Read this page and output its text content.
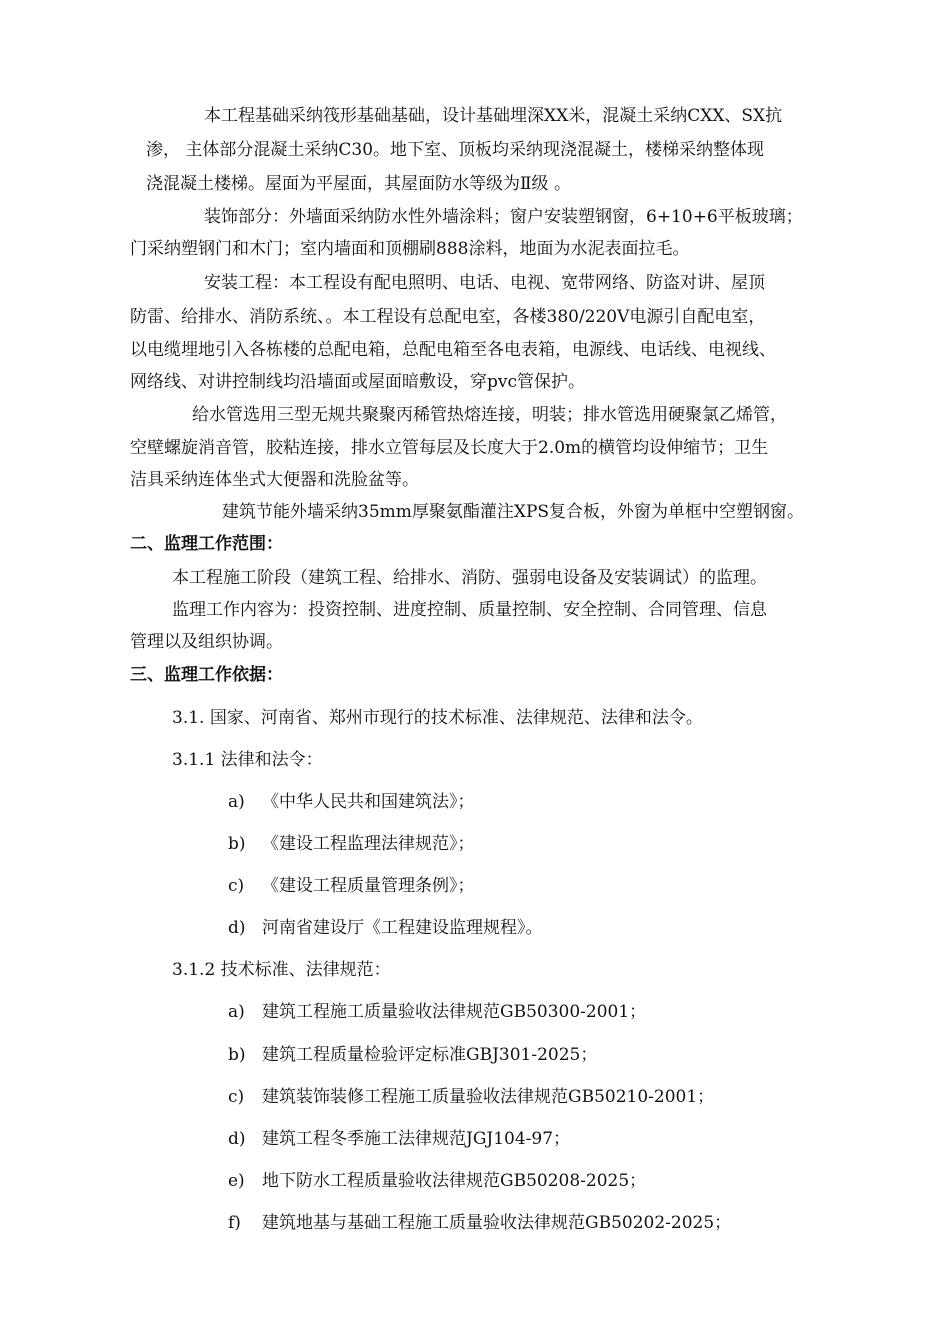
本工程基础采纳筏形基础基础，设计基础埋深XX米，混凝土采纳CXX、SX抗
渗， 主体部分混凝土采纳C30。地下室、顶板均采纳现浇混凝土，楼梯采纳整体现
浇混凝土楼梯。屋面为平屋面，其屋面防水等级为Ⅱ级 。
装饰部分：外墙面采纳防水性外墙涂料；窗户安装塑钢窗，6+10+6平板玻璃；
门采纳塑钢门和木门；室内墙面和顶棚刷888涂料，地面为水泥表面拉毛。
安装工程：本工程设有配电照明、电话、电视、宽带网络、防盗对讲、屋顶
防雷、给排水、消防系统、。本工程设有总配电室，各楼380/220V电源引自配电室，
以电缆埋地引入各栋楼的总配电箱，总配电箱至各电表箱，电源线、电话线、电视线、
网络线、对讲控制线均沿墙面或屋面暗敷设，穿pvc管保护。
给水管选用三型无规共聚聚丙稀管热熔连接，明装；排水管选用硬聚氯乙烯管，
空壁螺旋消音管，胶粘连接，排水立管每层及长度大于2.0m的横管均设伸缩节；卫生
洁具采纳连体坐式大便器和洗脸盆等。
建筑节能外墙采纳35mm厚聚氨酯灌注XPS复合板，外窗为单框中空塑钢窗。
二、监理工作范围：
本工程施工阶段（建筑工程、给排水、消防、强弱电设备及安装调试）的监理。
监理工作内容为：投资控制、进度控制、质量控制、安全控制、合同管理、信息
管理以及组织协调。
三、监理工作依据：
3.1. 国家、河南省、郑州市现行的技术标准、法律规范、法律和法令。
3.1.1 法律和法令：
a) 《中华人民共和国建筑法》；
b) 《建设工程监理法律规范》；
c) 《建设工程质量管理条例》；
d) 河南省建设厅《工程建设监理规程》。
3.1.2 技术标准、法律规范：
a) 建筑工程施工质量验收法律规范GB50300-2001；
b) 建筑工程质量检验评定标准GBJ301-2025；
c) 建筑装饰装修工程施工质量验收法律规范GB50210-2001；
d) 建筑工程冬季施工法律规范JGJ104-97；
e) 地下防水工程质量验收法律规范GB50208-2025；
f) 建筑地基与基础工程施工质量验收法律规范GB50202-2025；
